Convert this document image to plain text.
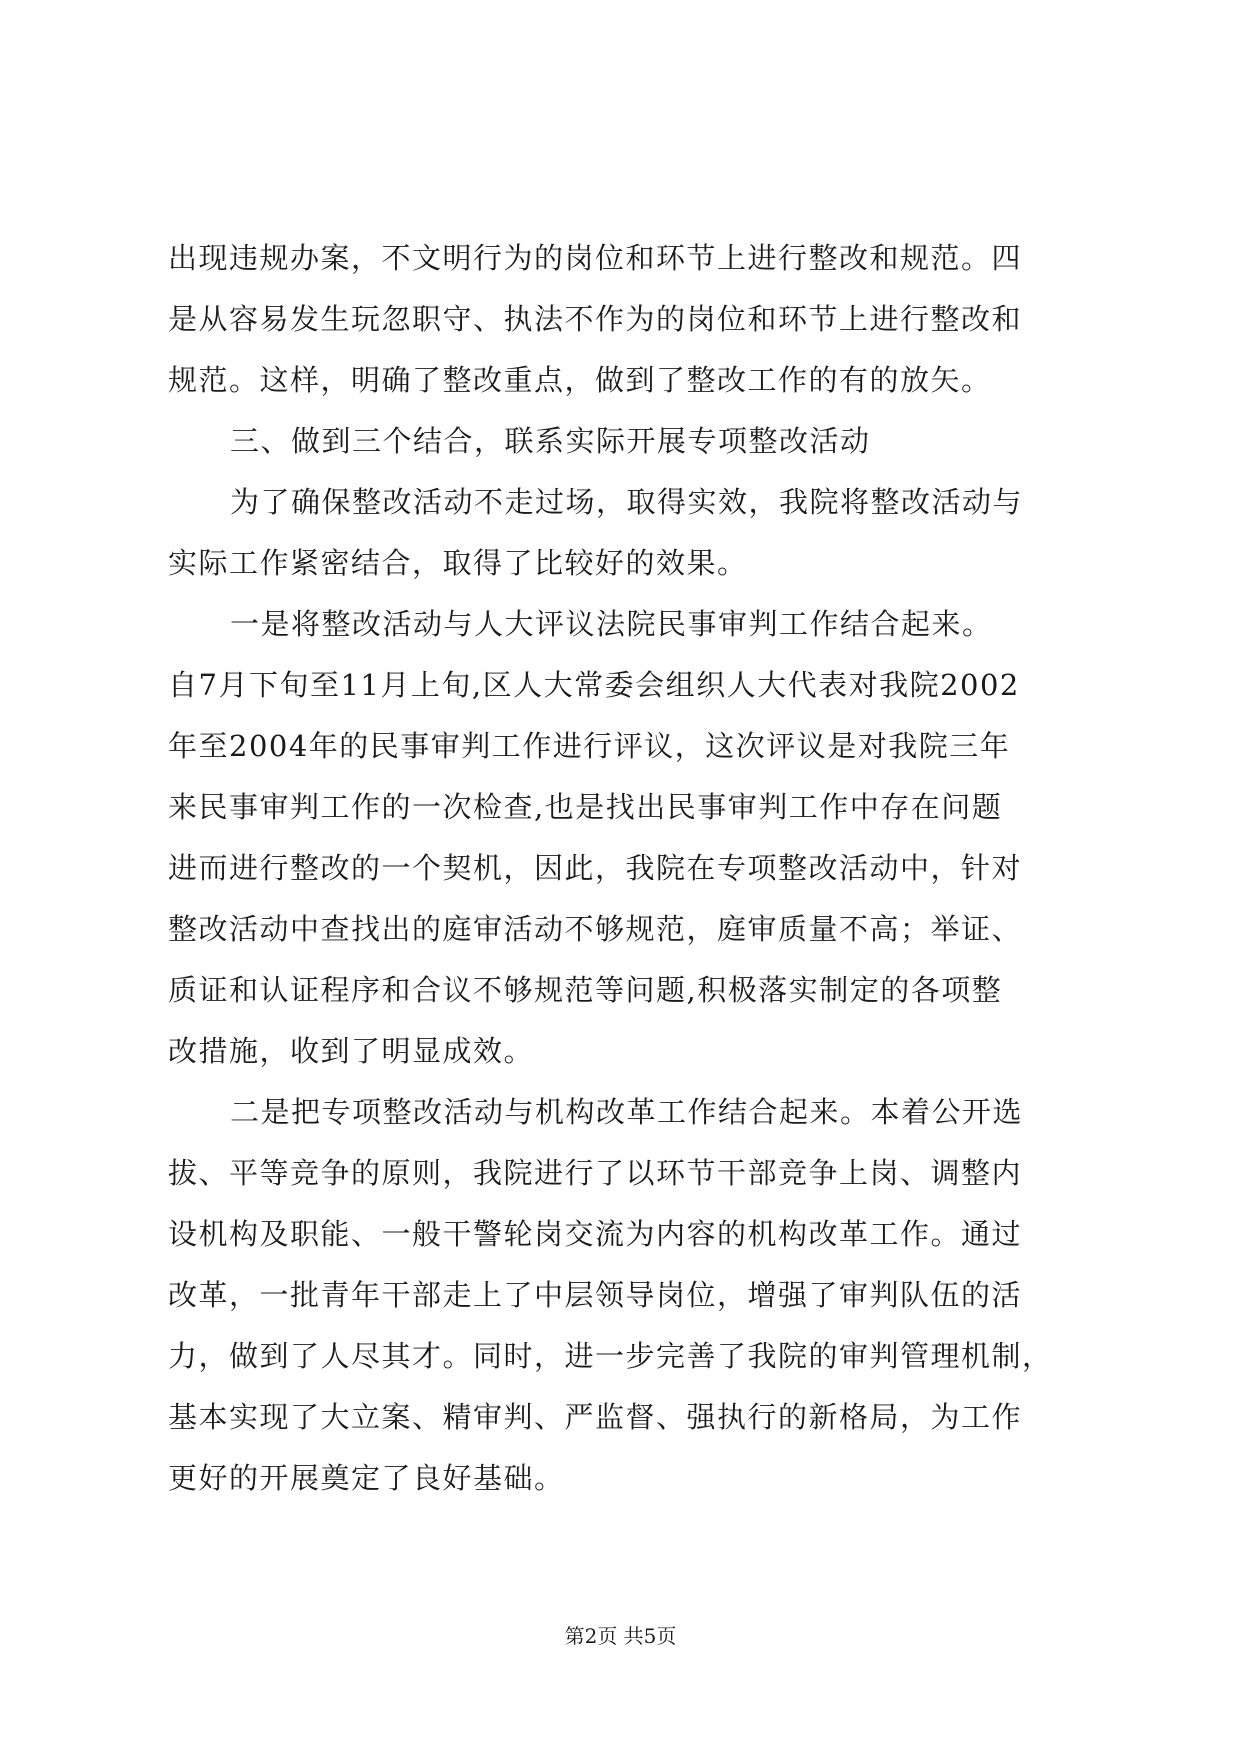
出现违规办案，不文明行为的岗位和环节上进行整改和规范。四
是从容易发生玩忽职守、执法不作为的岗位和环节上进行整改和
规范。这样，明确了整改重点，做到了整改工作的有的放矢。
三、做到三个结合，联系实际开展专项整改活动
为了确保整改活动不走过场，取得实效，我院将整改活动与
实际工作紧密结合，取得了比较好的效果。
一是将整改活动与人大评议法院民事审判工作结合起来。
自7月下旬至11月上旬,区人大常委会组织人大代表对我院2002
年至2004年的民事审判工作进行评议，这次评议是对我院三年
来民事审判工作的一次检查,也是找出民事审判工作中存在问题
进而进行整改的一个契机，因此，我院在专项整改活动中，针对
整改活动中查找出的庭审活动不够规范，庭审质量不高；举证、
质证和认证程序和合议不够规范等问题,积极落实制定的各项整
改措施，收到了明显成效。
二是把专项整改活动与机构改革工作结合起来。本着公开选
拔、平等竞争的原则，我院进行了以环节干部竞争上岗、调整内
设机构及职能、一般干警轮岗交流为内容的机构改革工作。通过
改革，一批青年干部走上了中层领导岗位，增强了审判队伍的活
力，做到了人尽其才。同时，进一步完善了我院的审判管理机制，
基本实现了大立案、精审判、严监督、强执行的新格局，为工作
更好的开展奠定了良好基础。
第2页 共5页
